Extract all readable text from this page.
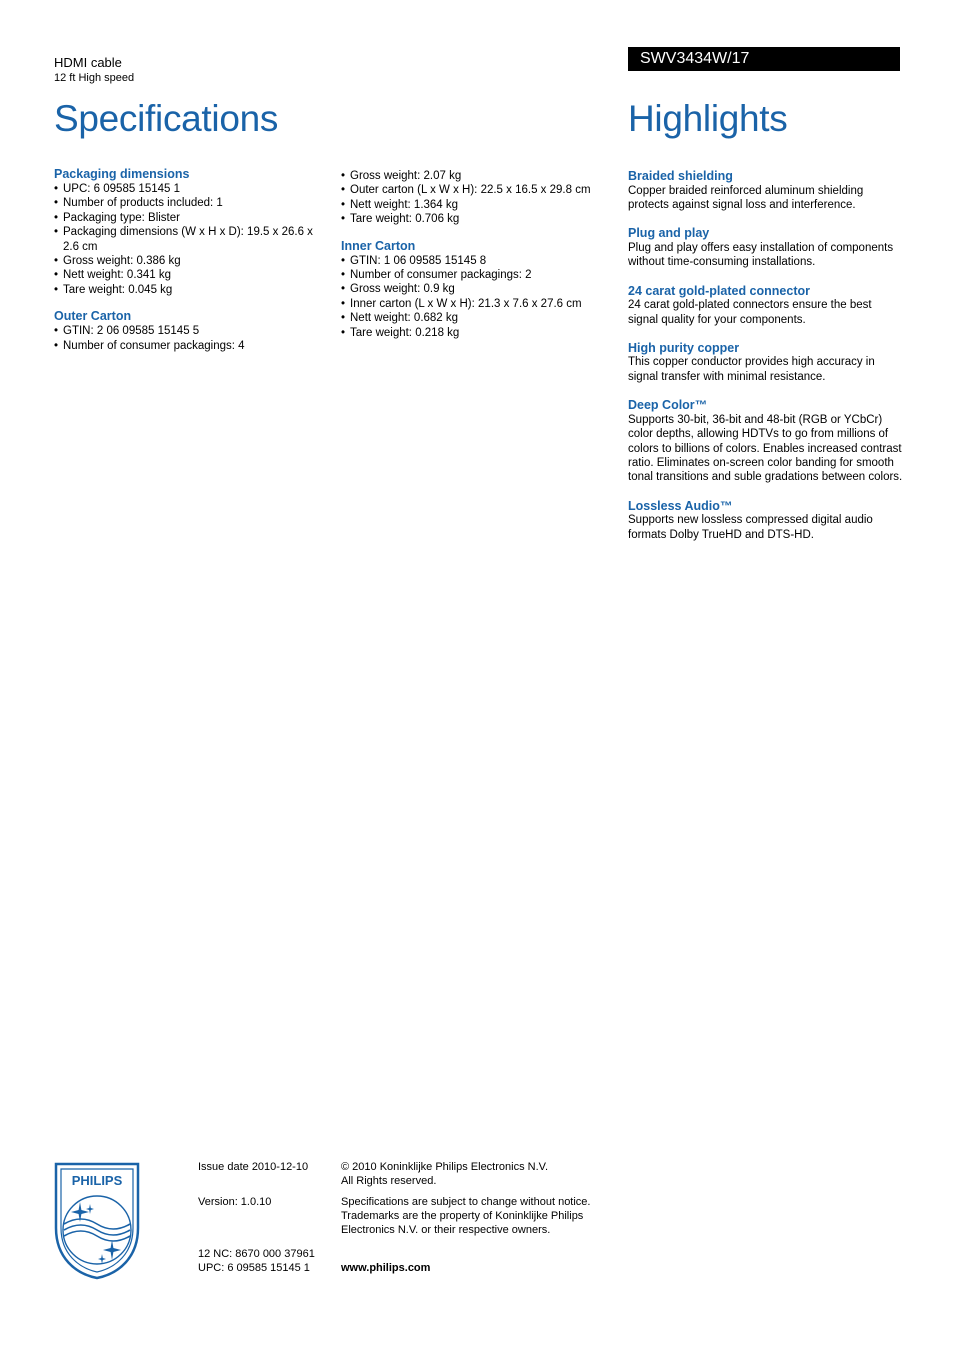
HDMI cable
12 ft High speed
Specifications
SWV3434W/17
Highlights
Packaging dimensions
• UPC: 6 09585 15145 1
• Number of products included: 1
• Packaging type: Blister
• Packaging dimensions (W x H x D): 19.5 x 26.6 x 2.6 cm
• Gross weight: 0.386 kg
• Nett weight: 0.341 kg
• Tare weight: 0.045 kg
Outer Carton
• GTIN: 2 06 09585 15145 5
• Number of consumer packagings: 4
• Gross weight: 2.07 kg
• Outer carton (L x W x H): 22.5 x 16.5 x 29.8 cm
• Nett weight: 1.364 kg
• Tare weight: 0.706 kg
Inner Carton
• GTIN: 1 06 09585 15145 8
• Number of consumer packagings: 2
• Gross weight: 0.9 kg
• Inner carton (L x W x H): 21.3 x 7.6 x 27.6 cm
• Nett weight: 0.682 kg
• Tare weight: 0.218 kg
Braided shielding
Copper braided reinforced aluminum shielding protects against signal loss and interference.
Plug and play
Plug and play offers easy installation of components without time-consuming installations.
24 carat gold-plated connector
24 carat gold-plated connectors ensure the best signal quality for your components.
High purity copper
This copper conductor provides high accuracy in signal transfer with minimal resistance.
Deep Color™
Supports 30-bit, 36-bit and 48-bit (RGB or YCbCr) color depths, allowing HDTVs to go from millions of colors to billions of colors. Enables increased contrast ratio. Eliminates on-screen color banding for smooth tonal transitions and suble gradations between colors.
Lossless Audio™
Supports new lossless compressed digital audio formats Dolby TrueHD and DTS-HD.
PHILIPS
Issue date 2010-12-10
Version: 1.0.10
12 NC: 8670 000 37961
UPC: 6 09585 15145 1
© 2010 Koninklijke Philips Electronics N.V.
All Rights reserved.
Specifications are subject to change without notice.
Trademarks are the property of Koninklijke Philips
Electronics N.V. or their respective owners.
www.philips.com
